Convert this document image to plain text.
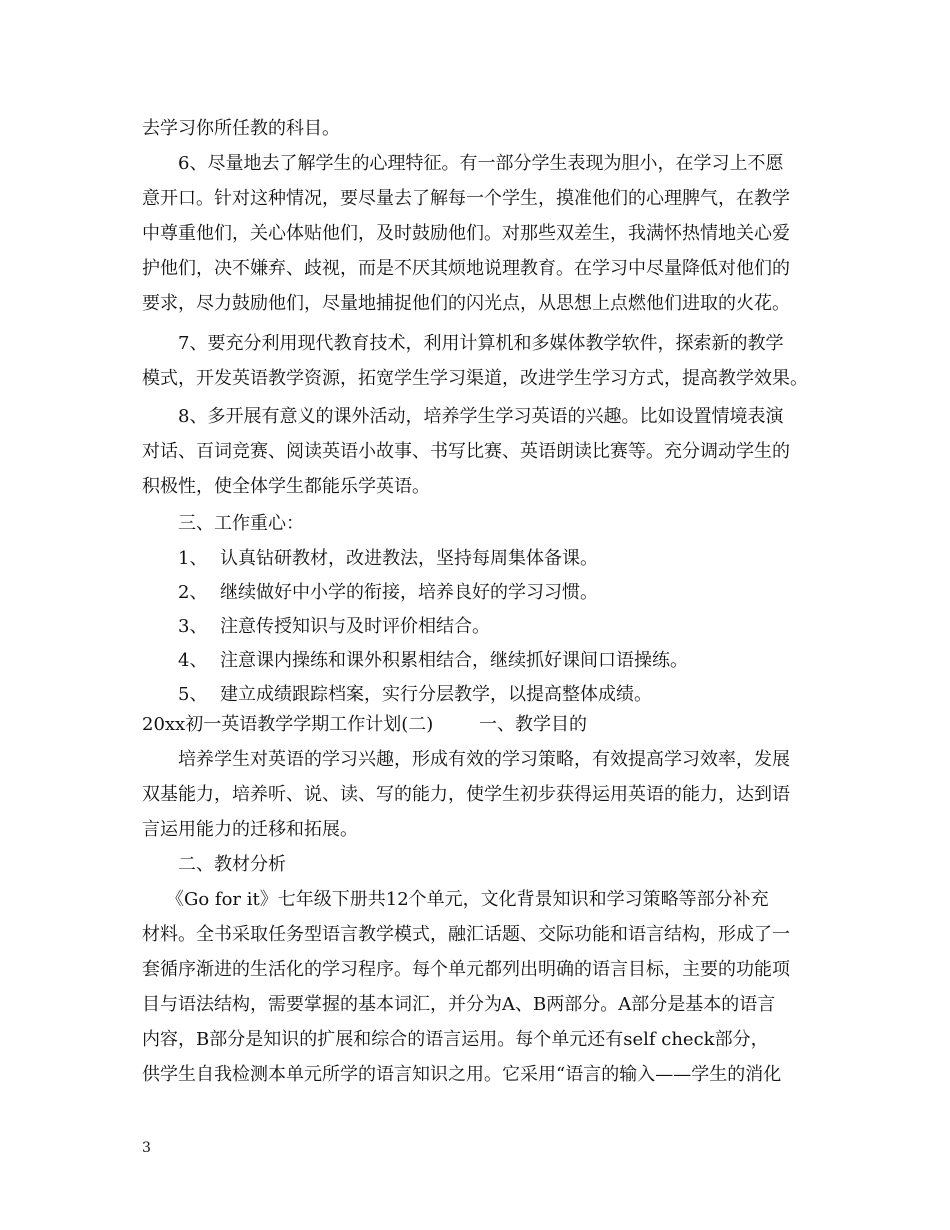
去学习你所任教的科目。

6、尽量地去了解学生的心理特征。有一部分学生表现为胆小，在学习上不愿

意开口。针对这种情况，要尽量去了解每一个学生，摸准他们的心理脾气，在教学

中尊重他们，关心体贴他们，及时鼓励他们。对那些双差生，我满怀热情地关心爱

护他们，决不嫌弃、歧视，而是不厌其烦地说理教育。在学习中尽量降低对他们的

要求，尽力鼓励他们，尽量地捕捉他们的闪光点，从思想上点燃他们进取的火花。

7、要充分利用现代教育技术，利用计算机和多媒体教学软件，探索新的教学

模式，开发英语教学资源，拓宽学生学习渠道，改进学生学习方式，提高教学效果。

8、多开展有意义的课外活动，培养学生学习英语的兴趣。比如设置情境表演

对话、百词竞赛、阅读英语小故事、书写比赛、英语朗读比赛等。充分调动学生的

积极性，使全体学生都能乐学英语。

三、工作重心：

1、 认真钻研教材，改进教法，坚持每周集体备课。

2、 继续做好中小学的衔接，培养良好的学习习惯。

3、 注意传授知识与及时评价相结合。

4、 注意课内操练和课外积累相结合，继续抓好课间口语操练。

5、 建立成绩跟踪档案，实行分层教学，以提高整体成绩。

20xx初一英语教学学期工作计划(二)        一、教学目的

培养学生对英语的学习兴趣，形成有效的学习策略，有效提高学习效率，发展

双基能力，培养听、说、读、写的能力，使学生初步获得运用英语的能力，达到语

言运用能力的迁移和拓展。

二、教材分析

《Go for it》七年级下册共12个单元，文化背景知识和学习策略等部分补充

材料。全书采取任务型语言教学模式，融汇话题、交际功能和语言结构，形成了一

套循序渐进的生活化的学习程序。每个单元都列出明确的语言目标，主要的功能项

目与语法结构，需要掌握的基本词汇，并分为A、B两部分。A部分是基本的语言

内容，B部分是知识的扩展和综合的语言运用。每个单元还有self check部分，

供学生自我检测本单元所学的语言知识之用。它采用“语言的输入——学生的消化

3
